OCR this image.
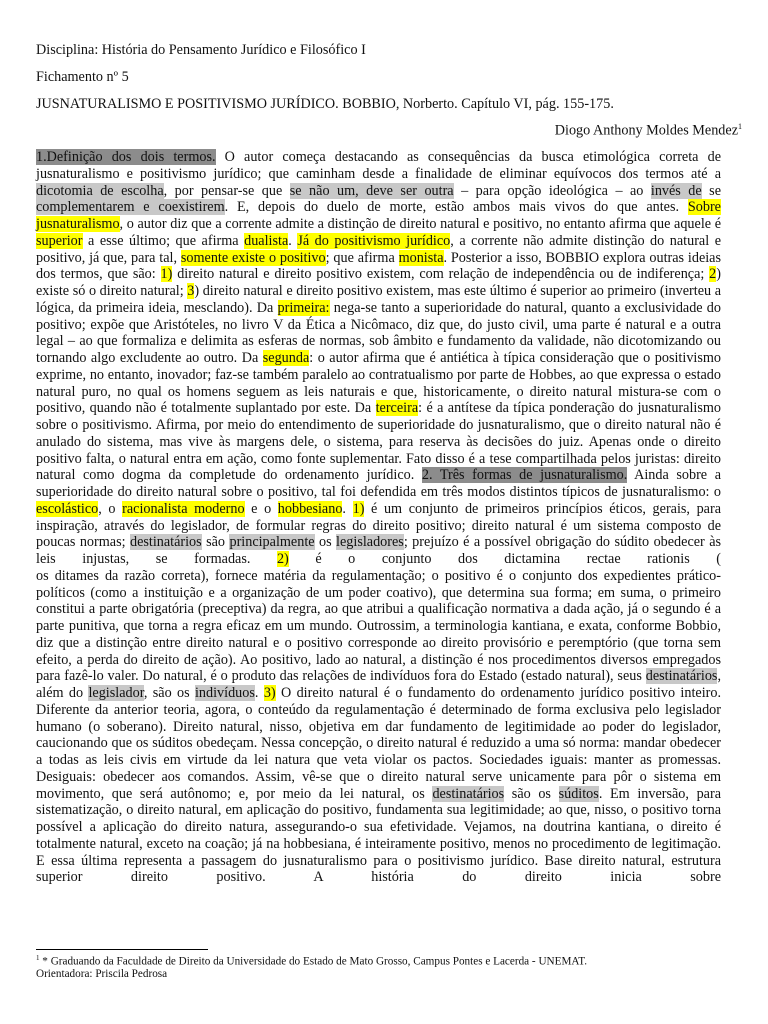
Disciplina: História do Pensamento Jurídico e Filosófico I
Fichamento nº 5
JUSNATURALISMO E POSITIVISMO JURÍDICO. BOBBIO, Norberto. Capítulo VI, pág. 155-175.
Diogo Anthony Moldes Mendez$^1$
1.Definição dos dois termos. O autor começa destacando as consequências da busca etimológica correta de jusnaturalismo e positivismo jurídico; que caminham desde a finalidade de eliminar equívocos dos termos até a dicotomia de escolha, por pensar-se que se não um, deve ser outra – para opção ideológica – ao invés de se complementarem e coexistirem. E, depois do duelo de morte, estão ambos mais vivos do que antes. Sobre jusnaturalismo, o autor diz que a corrente admite a distinção de direito natural e positivo, no entanto afirma que aquele é superior a esse último; que afirma dualista. Já do positivismo jurídico, a corrente não admite distinção do natural e positivo, já que, para tal, somente existe o positivo; que afirma monista. Posterior a isso, BOBBIO explora outras ideias dos termos, que são: 1) direito natural e direito positivo existem, com relação de independência ou de indiferença; 2) existe só o direito natural; 3) direito natural e direito positivo existem, mas este último é superior ao primeiro (inverteu a lógica, da primeira ideia, mesclando). Da primeira: nega-se tanto a superioridade do natural, quanto a exclusividade do positivo; expõe que Aristóteles, no livro V da Ética a Nicômaco, diz que, do justo civil, uma parte é natural e a outra legal – ao que formaliza e delimita as esferas de normas, sob âmbito e fundamento da validade, não dicotomizando ou tornando algo excludente ao outro. Da segunda: o autor afirma que é antiética à típica consideração que o positivismo exprime, no entanto, inovador; faz-se também paralelo ao contratualismo por parte de Hobbes, ao que expressa o estado natural puro, no qual os homens seguem as leis naturais e que, historicamente, o direito natural mistura-se com o positivo, quando não é totalmente suplantado por este. Da terceira: é a antítese da típica ponderação do jusnaturalismo sobre o positivismo. Afirma, por meio do entendimento de superioridade do jusnaturalismo, que o direito natural não é anulado do sistema, mas vive às margens dele, o sistema, para reserva às decisões do juiz. Apenas onde o direito positivo falta, o natural entra em ação, como fonte suplementar. Fato disso é a tese compartilhada pelos juristas: direito natural como dogma da completude do ordenamento jurídico. 2. Três formas de jusnaturalismo. Ainda sobre a superioridade do direito natural sobre o positivo, tal foi defendida em três modos distintos típicos de jusnaturalismo: o escolástico, o racionalista moderno e o hobbesiano. 1) é um conjunto de primeiros princípios éticos, gerais, para inspiração, através do legislador, de formular regras do direito positivo; direito natural é um sistema composto de poucas normas; destinatários são principalmente os legisladores; prejuízo é a possível obrigação do súdito obedecer às leis injustas, se formadas. 2) é o conjunto dos dictamina rectae rationis (
os ditames da razão correta), fornece matéria da regulamentação; o positivo é o conjunto dos expedientes prático-políticos (como a instituição e a organização de um poder coativo), que determina sua forma; em suma, o primeiro constitui a parte obrigatória (preceptiva) da regra, ao que atribui a qualificação normativa a dada ação, já o segundo é a parte punitiva, que torna a regra eficaz em um mundo. Outrossim, a terminologia kantiana, e exata, conforme Bobbio, diz que a distinção entre direito natural e o positivo corresponde ao direito provisório e peremptório (que torna sem efeito, a perda do direito de ação). Ao positivo, lado ao natural, a distinção é nos procedimentos diversos empregados para fazê-lo valer. Do natural, é o produto das relações de indivíduos fora do Estado (estado natural), seus destinatários, além do legislador, são os indivíduos. 3) O direito natural é o fundamento do ordenamento jurídico positivo inteiro. Diferente da anterior teoria, agora, o conteúdo da regulamentação é determinado de forma exclusiva pelo legislador humano (o soberano). Direito natural, nisso, objetiva em dar fundamento de legitimidade ao poder do legislador, caucionando que os súditos obedeçam. Nessa concepção, o direito natural é reduzido a uma só norma: mandar obedecer a todas as leis civis em virtude da lei natura que veta violar os pactos. Sociedades iguais: manter as promessas. Desiguais: obedecer aos comandos. Assim, vê-se que o direito natural serve unicamente para pôr o sistema em movimento, que será autônomo; e, por meio da lei natural, os destinatários são os súditos. Em inversão, para sistematização, o direito natural, em aplicação do positivo, fundamenta sua legitimidade; ao que, nisso, o positivo torna possível a aplicação do direito natura, assegurando-o sua efetividade. Vejamos, na doutrina kantiana, o direito é totalmente natural, exceto na coação; já na hobbesiana, é inteiramente positivo, menos no procedimento de legitimação. E essa última representa a passagem do jusnaturalismo para o positivismo jurídico. Base direito natural, estrutura superior direito positivo. A história do direito inicia sobre
$^1$ * Graduando da Faculdade de Direito da Universidade do Estado de Mato Grosso, Campus Pontes e Lacerda - UNEMAT.
Orientadora: Priscila Pedrosa
